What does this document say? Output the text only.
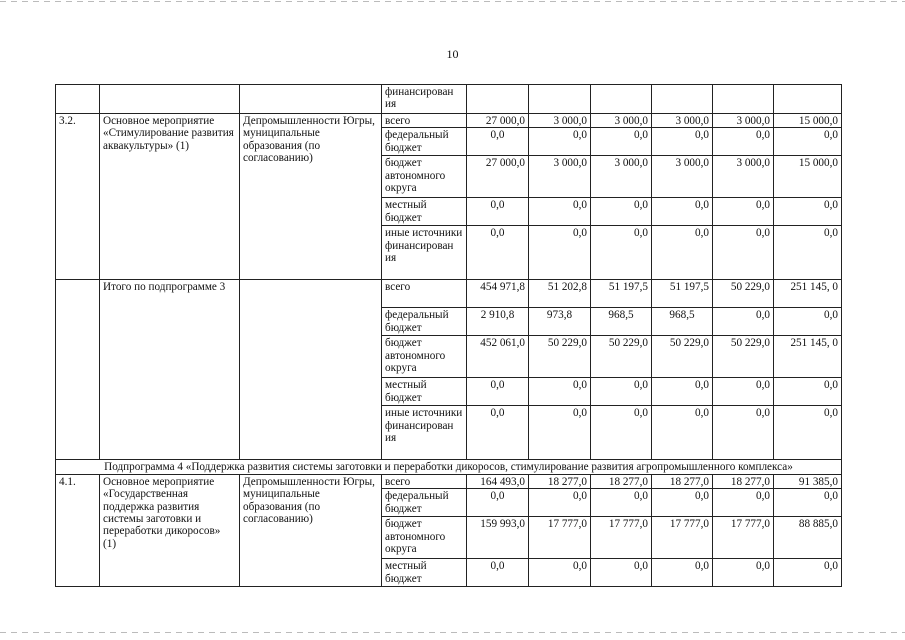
10
			финансирован ия						
3.2.	Основное мероприятие «Стимулирование развития аквакультуры» (1)	Депромышленности Югры, муниципальные образования (по согласованию)	всего	27 000,0	3 000,0	3 000,0	3 000,0	3 000,0	15 000,0
			федеральный бюджет	0,0	0,0	0,0	0,0	0,0	0,0
			бюджет автономного округа	27 000,0	3 000,0	3 000,0	3 000,0	3 000,0	15 000,0
			местный бюджет	0,0	0,0	0,0	0,0	0,0	0,0
			иные источники финансирован ия	0,0	0,0	0,0	0,0	0,0	0,0
	Итого по подпрограмме 3		всего	454 971,8	51 202,8	51 197,5	51 197,5	50 229,0	251 145, 0
			федеральный бюджет	2 910,8	973,8	968,5	968,5	0,0	0,0
			бюджет автономного округа	452 061,0	50 229,0	50 229,0	50 229,0	50 229,0	251 145, 0
			местный бюджет	0,0	0,0	0,0	0,0	0,0	0,0
			иные источники финансирован ия	0,0	0,0	0,0	0,0	0,0	0,0
Подпрограмма 4 «Поддержка развития системы заготовки и переработки дикоросов, стимулирование развития агропромышленного комплекса»									
4.1.	Основное мероприятие «Государственная поддержка развития системы заготовки и переработки дикоросов» (1)	Депромышленности Югры, муниципальные образования (по согласованию)	всего	164 493,0	18 277,0	18 277,0	18 277,0	18 277,0	91 385,0
			федеральный бюджет	0,0	0,0	0,0	0,0	0,0	0,0
			бюджет автономного округа	159 993,0	17 777,0	17 777,0	17 777,0	17 777,0	88 885,0
			местный бюджет	0,0	0,0	0,0	0,0	0,0	0,0
